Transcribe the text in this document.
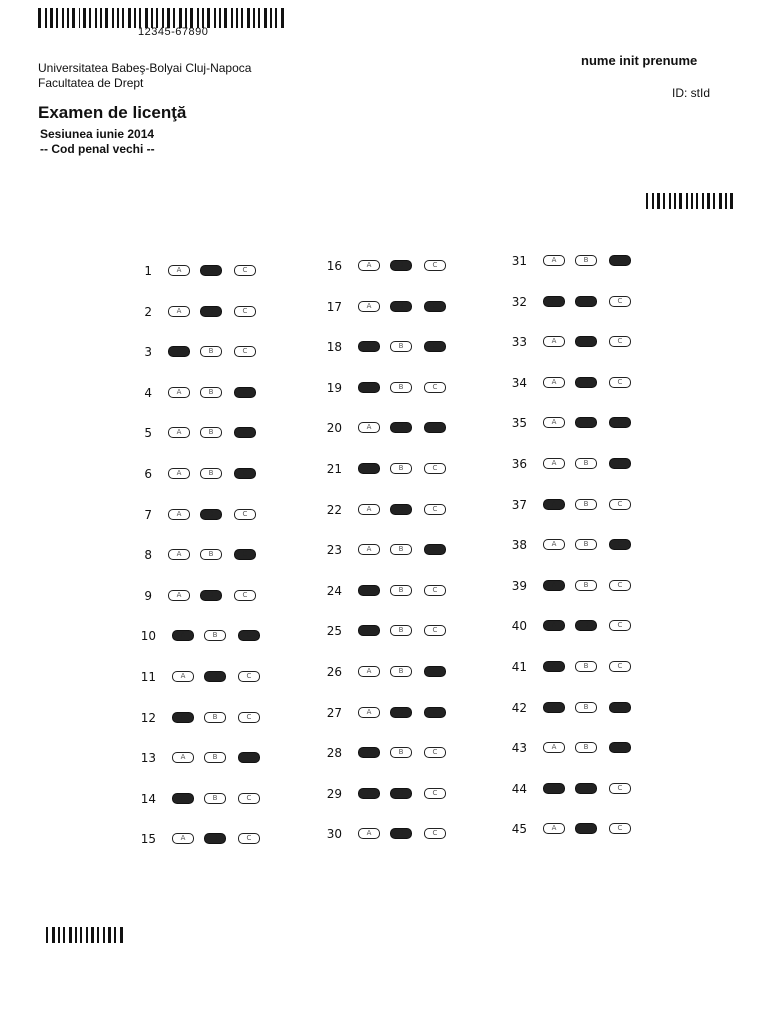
12345-67890

Universitatea Babeş-Bolyai Cluj-Napoca

Facultatea de Drept

Examen de licenţă

Sesiunea iunie 2014

-- Cod penal vechi --

nume init prenume

ID: stId

1	A	B	C
2	A	B	C
3	A	B	C
4	A	B	C
5	A	B	C
6	A	B	C
7	A	B	C
8	A	B	C
9	A	B	C
10	A	B	C
11	A	B	C
12	A	B	C
13	A	B	C
14	A	B	C
15	A	B	C
16	A	B	C
17	A	B	C
18	A	B	C
19	A	B	C
20	A	B	C
21	A	B	C
22	A	B	C
23	A	B	C
24	A	B	C
25	A	B	C
26	A	B	C
27	A	B	C
28	A	B	C
29	A	B	C
30	A	B	C
31	A	B	C
32	A	B	C
33	A	B	C
34	A	B	C
35	A	B	C
36	A	B	C
37	A	B	C
38	A	B	C
39	A	B	C
40	A	B	C
41	A	B	C
42	A	B	C
43	A	B	C
44	A	B	C
45	A	B	C
